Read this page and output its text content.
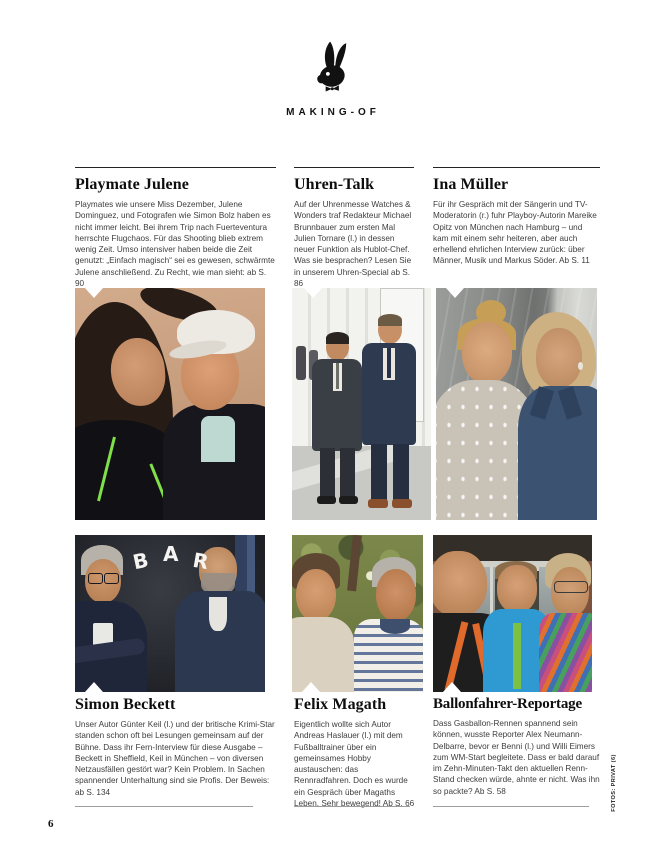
MAKING-OF
Playmate Julene

Playmates wie unsere Miss Dezember, Julene Dominguez, und Fotografen wie Simon Bolz haben es nicht immer leicht. Bei ihrem Trip nach Fuerteventura herrschte Flugchaos. Für das Shooting blieb extrem wenig Zeit. Umso intensiver haben beide die Zeit genutzt: „Einfach magisch“ sei es gewesen, schwärmte Julene anschließend. Zu Recht, wie man sieht: ab S. 90

Uhren-Talk

Auf der Uhrenmesse Watches & Wonders traf Redakteur Michael Brunnbauer zum ersten Mal Julien Tornare (l.) in dessen neuer Funktion als Hublot-Chef. Was sie besprachen? Lesen Sie in unserem Uhren-Special ab S. 86

Ina Müller

Für ihr Gespräch mit der Sängerin und TV-Moderatorin (r.) fuhr Playboy-Autorin Mareike Opitz von München nach Hamburg – und kam mit einem sehr heiteren, aber auch erhellend ehrlichen Interview zurück: über Männer, Musik und Markus Söder. Ab S. 11

B A R
Simon Beckett

Unser Autor Günter Keil (l.) und der britische Krimi-Star standen schon oft bei Lesungen gemeinsam auf der Bühne. Dass ihr Fern-Interview für diese Ausgabe – Beckett in Sheffield, Keil in München – von diversen Netzausfällen gestört war? Kein Problem. In Sachen spannender Unterhaltung sind sie Profis. Der Beweis: ab S. 134

Felix Magath

Eigentlich wollte sich Autor Andreas Haslauer (l.) mit dem Fußballtrainer über ein gemeinsames Hobby austauschen: das Rennradfahren. Doch es wurde ein Gespräch über Magaths Leben. Sehr bewegend! Ab S. 66

Ballonfahrer-Reportage

Dass Gasballon-Rennen spannend sein können, wusste Reporter Alex Neumann-Delbarre, bevor er Benni (l.) und Willi Eimers zum WM-Start begleitete. Dass er bald darauf im Zehn-Minuten-Takt den aktuellen Renn-Stand checken würde, ahnte er nicht. Was ihn so packte? Ab S. 58

6
FOTOS: PRIVAT (6)
